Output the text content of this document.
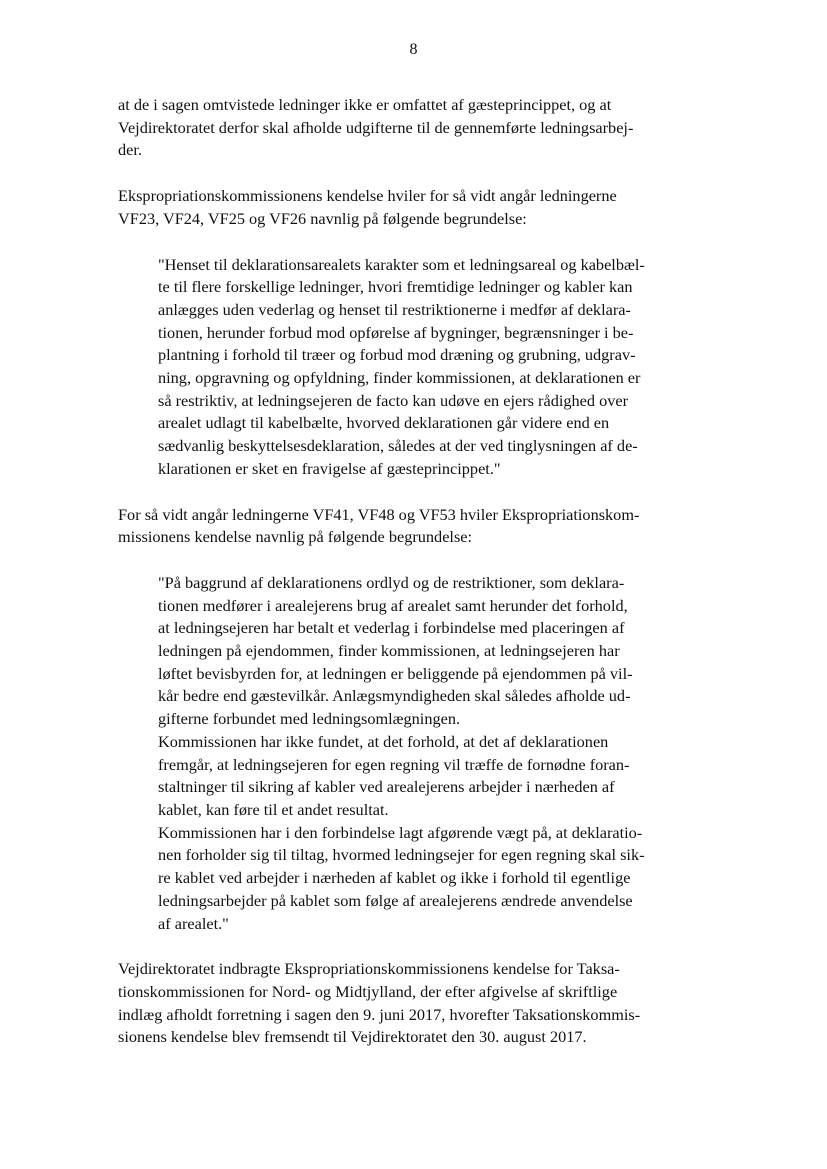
8

at de i sagen omtvistede ledninger ikke er omfattet af gæsteprincippet, og at
Vejdirektoratet derfor skal afholde udgifterne til de gennemførte ledningsarbej-
der.

Ekspropriationskommissionens kendelse hviler for så vidt angår ledningerne
VF23, VF24, VF25 og VF26 navnlig på følgende begrundelse:

"Henset til deklarationsarealets karakter som et ledningsareal og kabelbæl-
te til flere forskellige ledninger, hvori fremtidige ledninger og kabler kan
anlægges uden vederlag og henset til restriktionerne i medfør af deklara-
tionen, herunder forbud mod opførelse af bygninger, begrænsninger i be-
plantning i forhold til træer og forbud mod dræning og grubning, udgrav-
ning, opgravning og opfyldning, finder kommissionen, at deklarationen er
så restriktiv, at ledningsejeren de facto kan udøve en ejers rådighed over
arealet udlagt til kabelbælte, hvorved deklarationen går videre end en
sædvanlig beskyttelsesdeklaration, således at der ved tinglysningen af de-
klarationen er sket en fravigelse af gæsteprincippet."

For så vidt angår ledningerne VF41, VF48 og VF53 hviler Ekspropriationskom-
missionens kendelse navnlig på følgende begrundelse:

"På baggrund af deklarationens ordlyd og de restriktioner, som deklara-
tionen medfører i arealejerens brug af arealet samt herunder det forhold,
at ledningsejeren har betalt et vederlag i forbindelse med placeringen af
ledningen på ejendommen, finder kommissionen, at ledningsejeren har
løftet bevisbyrden for, at ledningen er beliggende på ejendommen på vil-
kår bedre end gæstevilkår. Anlægsmyndigheden skal således afholde ud-
gifterne forbundet med ledningsomlægningen.
Kommissionen har ikke fundet, at det forhold, at det af deklarationen
fremgår, at ledningsejeren for egen regning vil træffe de fornødne foran-
staltninger til sikring af kabler ved arealejerens arbejder i nærheden af
kablet, kan føre til et andet resultat.
Kommissionen har i den forbindelse lagt afgørende vægt på, at deklaratio-
nen forholder sig til tiltag, hvormed ledningsejer for egen regning skal sik-
re kablet ved arbejder i nærheden af kablet og ikke i forhold til egentlige
ledningsarbejder på kablet som følge af arealejerens ændrede anvendelse
af arealet."

Vejdirektoratet indbragte Ekspropriationskommissionens kendelse for Taksa-
tionskommissionen for Nord- og Midtjylland, der efter afgivelse af skriftlige
indlæg afholdt forretning i sagen den 9. juni 2017, hvorefter Taksationskommis-
sionens kendelse blev fremsendt til Vejdirektoratet den 30. august 2017.
